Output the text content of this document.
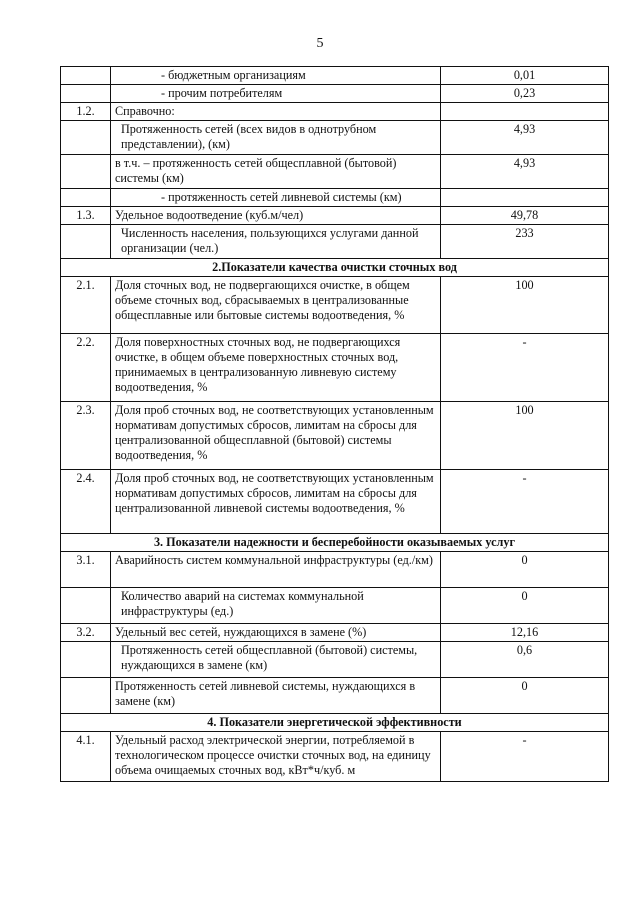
5
	- бюджетным организациям	0,01
	- прочим потребителям	0,23
1.2.	Справочно:	
	Протяженность сетей (всех видов в однотрубном представлении), (км)	4,93
	в т.ч. – протяженность сетей общесплавной (бытовой) системы (км)	4,93
	- протяженность сетей ливневой системы (км)	
1.3.	Удельное водоотведение (куб.м/чел)	49,78
	Численность населения, пользующихся услугами данной организации (чел.)	233
2.Показатели качества очистки сточных вод		
2.1.	Доля сточных вод, не подвергающихся очистке, в общем объеме сточных вод, сбрасываемых в централизованные общесплавные или бытовые системы водоотведения, %	100
2.2.	Доля поверхностных сточных вод, не подвергающихся очистке, в общем объеме поверхностных сточных вод, принимаемых в централизованную ливневую систему водоотведения, %	-
2.3.	Доля проб сточных вод, не соответствующих установленным нормативам допустимых сбросов, лимитам на сбросы для централизованной общесплавной (бытовой) системы водоотведения, %	100
2.4.	Доля проб сточных вод, не соответствующих установленным нормативам допустимых сбросов, лимитам на сбросы для централизованной ливневой системы водоотведения, %	-
3. Показатели надежности и бесперебойности оказываемых услуг		
3.1.	Аварийность систем коммунальной инфраструктуры (ед./км)	0
	Количество аварий на системах коммунальной инфраструктуры (ед.)	0
3.2.	Удельный вес сетей, нуждающихся в замене (%)	12,16
	Протяженность сетей общесплавной (бытовой) системы, нуждающихся в замене (км)	0,6
	Протяженность сетей ливневой системы, нуждающихся в замене (км)	0
4. Показатели энергетической эффективности		
4.1.	Удельный расход электрической энергии, потребляемой в технологическом процессе очистки сточных вод, на единицу объема очищаемых сточных вод, кВт*ч/куб. м	-
